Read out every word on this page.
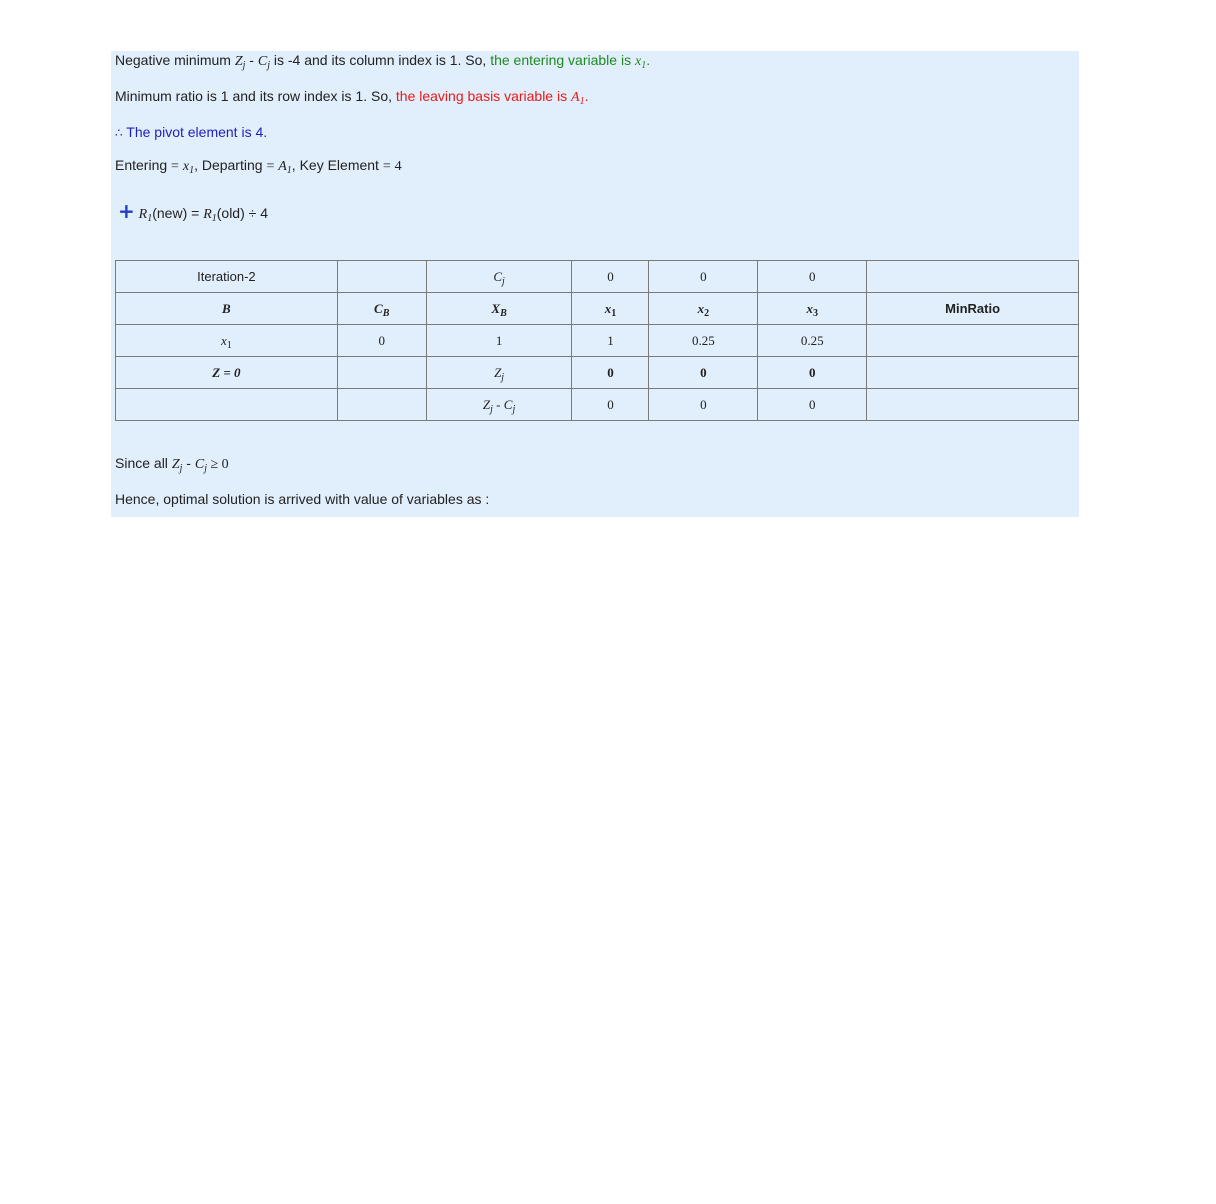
Negative minimum $Z_j - C_j$ is -4 and its column index is 1. So, the entering variable is $x_1$.
Minimum ratio is 1 and its row index is 1. So, the leaving basis variable is $A_1$.
∴ The pivot element is 4.
Entering = $x_1$, Departing = $A_1$, Key Element = 4
+ $R_1(new) = R_1(old) \div 4$
Iteration-2		$C_j$	0	0	0	
B	$C_B$	$X_B$	$x_1$	$x_2$	$x_3$	MinRatio
$x_1$	0	1	1	0.25	0.25	
Z = 0		$Z_j$	0	0	0	
		$Z_j - C_j$	0	0	0	
Since all $Z_j - C_j \ge 0$
Hence, optimal solution is arrived with value of variables as :
